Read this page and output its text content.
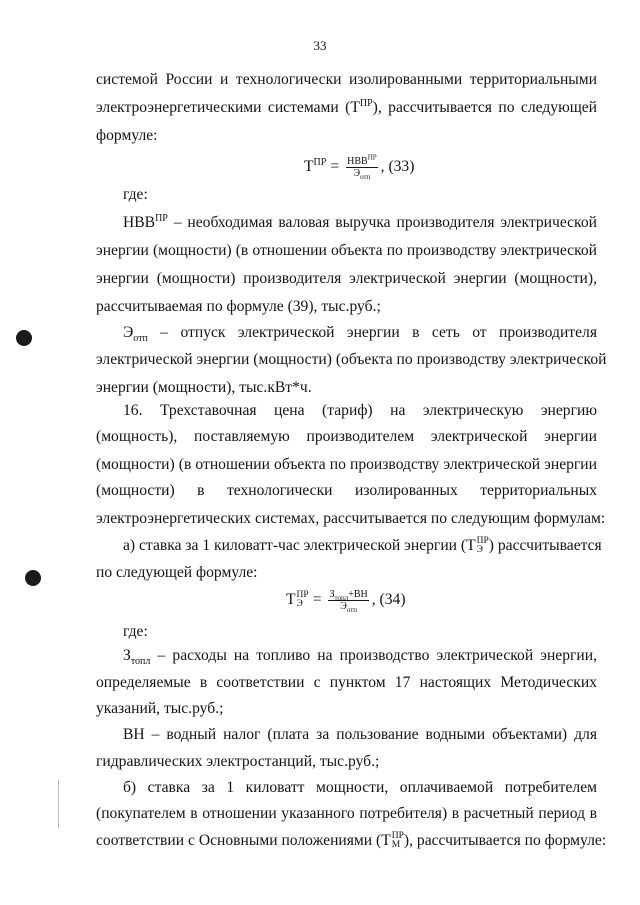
33
системой России и технологически изолированными территориальными
электроэнергетическими системами $(Т^{ПР})$, рассчитывается по следующей
формуле:
$Т^{ПР} = \frac{НВВ^{ПР}}{Э_{отп}}$ , (33)
где:
$НВВ^{ПР}$ – необходимая валовая выручка производителя электрической
энергии (мощности) (в отношении объекта по производству электрической
энергии (мощности) производителя электрической энергии (мощности),
рассчитываемая по формуле (39), тыс.руб.;
$Э_{отп}$ – отпуск электрической энергии в сеть от производителя
электрической энергии (мощности) (объекта по производству электрической
энергии (мощности), тыс.кВт*ч.
16. Трехставочная цена (тариф) на электрическую энергию
(мощность), поставляемую производителем электрической энергии
(мощности) (в отношении объекта по производству электрической энергии
(мощности) в технологически изолированных территориальных
электроэнергетических системах, рассчитывается по следующим формулам:
а) ставка за 1 киловатт-час электрической энергии (Т ПР
Э ) рассчитывается
по следующей формуле:
Т ПР
$Э = \frac{З_{топл}+ВН}{Э_{отп}}$ , (34)
где:
$З_{топл}$ – расходы на топливо на производство электрической энергии,
определяемые в соответствии с пунктом 17 настоящих Методических
указаний, тыс.руб.;
ВН – водный налог (плата за пользование водными объектами) для
гидравлических электростанций, тыс.руб.;
б) ставка за 1 киловатт мощности, оплачиваемой потребителем
(покупателем в отношении указанного потребителя) в расчетный период в
соответствии с Основными положениями (Т ПР
М ), рассчитывается по формуле:
